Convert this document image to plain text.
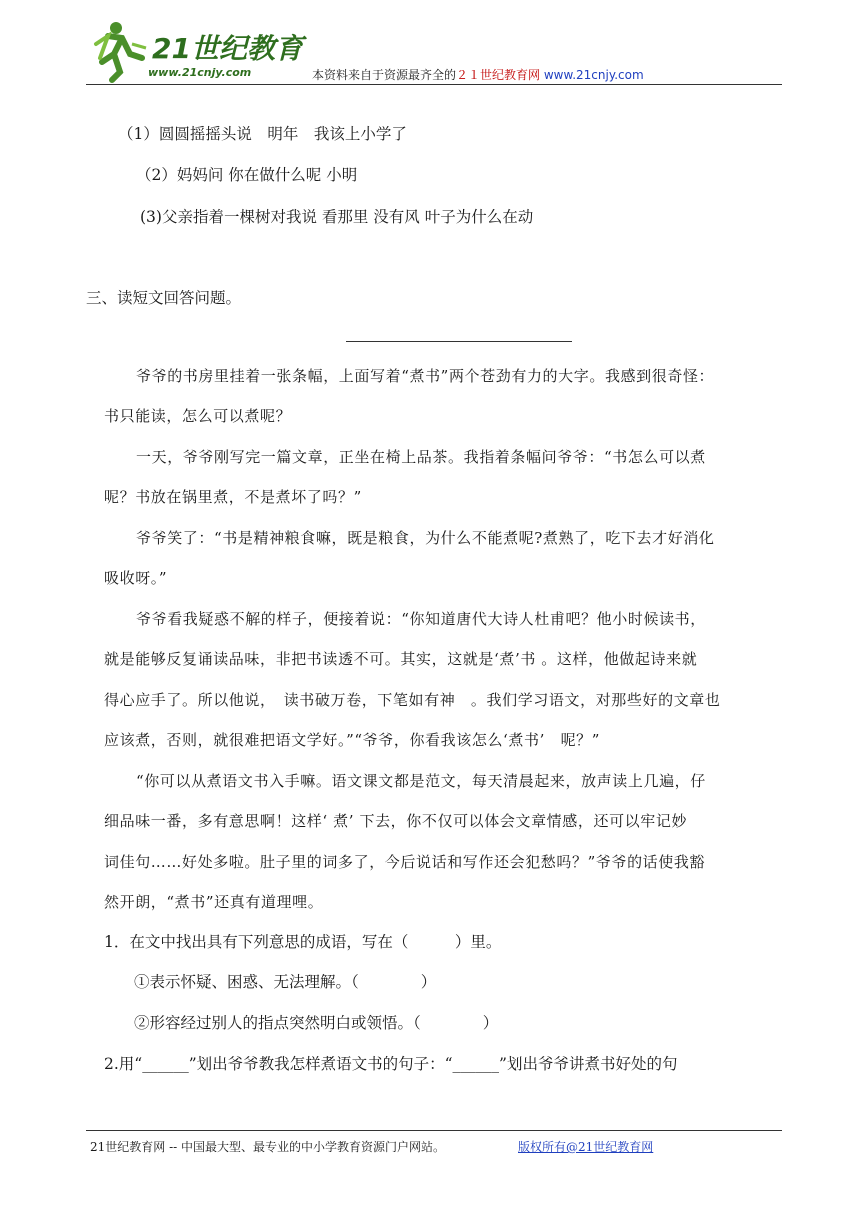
21世纪教育
www.21cnjy.com	本资料来自于资源最齐全的２１世纪教育网 www.21cnjy.com
（1）圆圆摇摇头说　明年　我该上小学了
（2）妈妈问 你在做什么呢 小明
(3)父亲指着一棵树对我说 看那里 没有风 叶子为什么在动
三、读短文回答问题。
爷爷的书房里挂着一张条幅，上面写着“煮书”两个苍劲有力的大字。我感到很奇怪：
书只能读，怎么可以煮呢？
一天，爷爷刚写完一篇文章，正坐在椅上品茶。我指着条幅问爷爷：“书怎么可以煮
呢？书放在锅里煮，不是煮坏了吗？”
爷爷笑了：“书是精神粮食嘛，既是粮食，为什么不能煮呢?煮熟了，吃下去才好消化
吸收呀。”
爷爷看我疑惑不解的样子，便接着说：“你知道唐代大诗人杜甫吧？他小时候读书，
就是能够反复诵读品味，非把书读透不可。其实，这就是‘煮’书 。这样，他做起诗来就
得心应手了。所以他说，　读书破万卷，下笔如有神　。我们学习语文，对那些好的文章也
应该煮，否则，就很难把语文学好。”“爷爷，你看我该怎么‘煮书’　呢？”
“你可以从煮语文书入手嘛。语文课文都是范文，每天清晨起来，放声读上几遍，仔
细品味一番，多有意思啊！这样‘ 煮’ 下去，你不仅可以体会文章情感，还可以牢记妙
词佳句……好处多啦。肚子里的词多了，今后说话和写作还会犯愁吗？”爷爷的话使我豁
然开朗，“煮书”还真有道理哩。
1．在文中找出具有下列意思的成语，写在（　　　）里。
①表示怀疑、困惑、无法理解。（　　　　）
②形容经过别人的指点突然明白或领悟。（　　　　）
2.用“______”划出爷爷教我怎样煮语文书的句子：“______”划出爷爷讲煮书好处的句
21世纪教育网 -- 中国最大型、最专业的中小学教育资源门户网站。	版权所有@21世纪教育网
